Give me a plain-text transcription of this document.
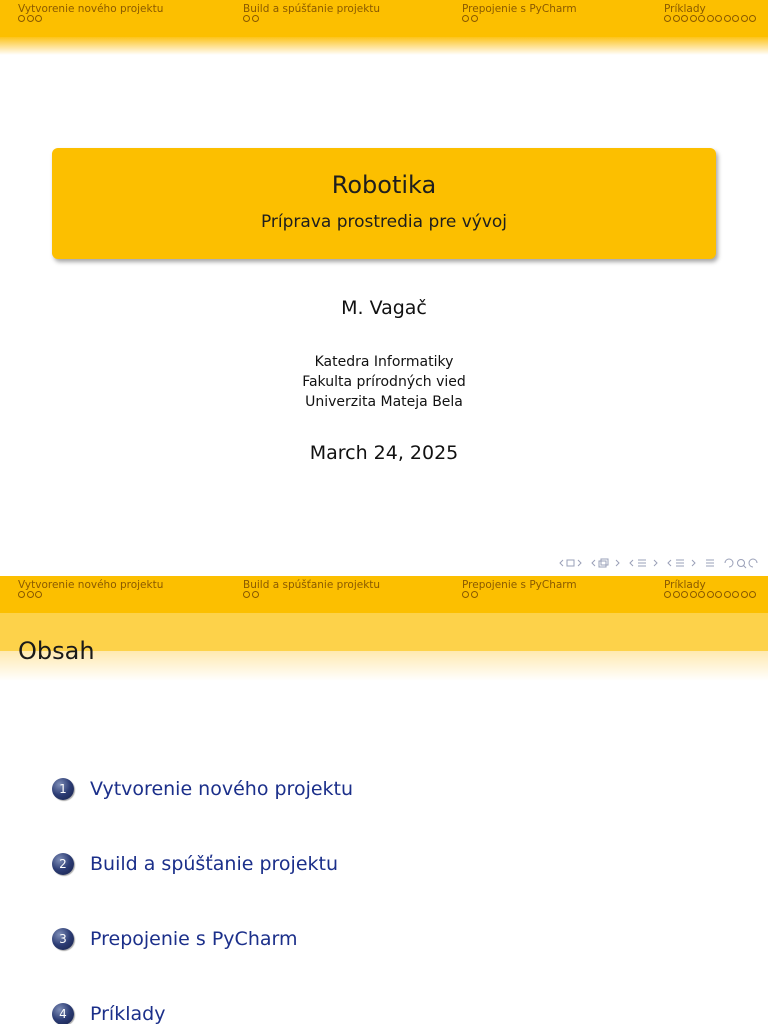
Vytvorenie nového projektu	Build a spúšťanie projektu	Prepojenie s PyCharm	Príklady
Robotika
Príprava prostredia pre vývoj
M. Vagač
Katedra Informatiky
Fakulta prírodných vied
Univerzita Mateja Bela
March 24, 2025
Vytvorenie nového projektu	Build a spúšťanie projektu	Prepojenie s PyCharm	Príklady
Obsah
1	Vytvorenie nového projektu
2	Build a spúšťanie projektu
3	Prepojenie s PyCharm
4	Príklady
